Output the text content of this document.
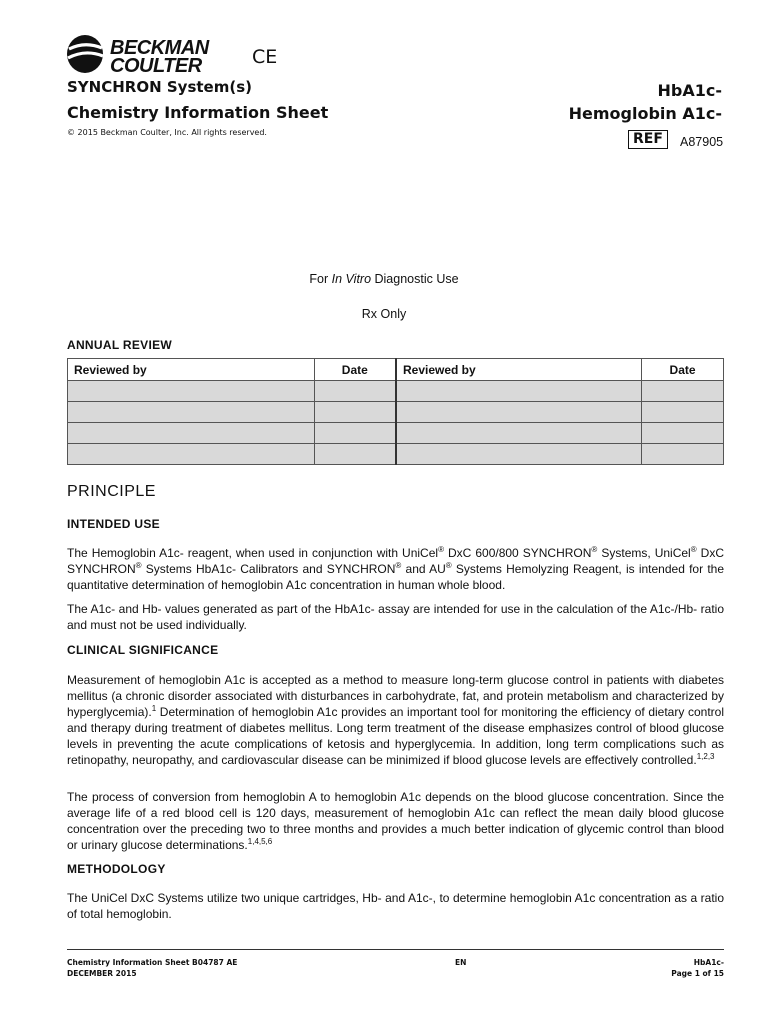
BECKMAN
COULTER	CE
SYNCHRON System(s)
Chemistry Information Sheet
© 2015 Beckman Coulter, Inc. All rights reserved.
HbA1c-
Hemoglobin A1c-
REF	A87905
For In Vitro Diagnostic Use
Rx Only
ANNUAL REVIEW
Reviewed by	Date	Reviewed by	Date

PRINCIPLE
INTENDED USE
The Hemoglobin A1c- reagent, when used in conjunction with UniCel® DxC 600/800 SYNCHRON® Systems, UniCel® DxC SYNCHRON® Systems HbA1c- Calibrators and SYNCHRON® and AU® Systems Hemolyzing Reagent, is intended for the quantitative determination of hemoglobin A1c concentration in human whole blood.
The A1c- and Hb- values generated as part of the HbA1c- assay are intended for use in the calculation of the A1c-/Hb- ratio and must not be used individually.
CLINICAL SIGNIFICANCE
Measurement of hemoglobin A1c is accepted as a method to measure long-term glucose control in patients with diabetes mellitus (a chronic disorder associated with disturbances in carbohydrate, fat, and protein metabolism and characterized by hyperglycemia).$^1$ Determination of hemoglobin A1c provides an important tool for monitoring the efficiency of dietary control and therapy during treatment of diabetes mellitus. Long term treatment of the disease emphasizes control of blood glucose levels in preventing the acute complications of ketosis and hyperglycemia. In addition, long term complications such as retinopathy, neuropathy, and cardiovascular disease can be minimized if blood glucose levels are effectively controlled.$^{1,2,3}$
The process of conversion from hemoglobin A to hemoglobin A1c depends on the blood glucose concentration. Since the average life of a red blood cell is 120 days, measurement of hemoglobin A1c can reflect the mean daily blood glucose concentration over the preceding two to three months and provides a much better indication of glycemic control than blood or urinary glucose determinations.$^{1,4,5,6}$
METHODOLOGY
The UniCel DxC Systems utilize two unique cartridges, Hb- and A1c-, to determine hemoglobin A1c concentration as a ratio of total hemoglobin.
Chemistry Information Sheet B04787 AE
DECEMBER 2015
EN	HbA1c-
Page 1 of 15
